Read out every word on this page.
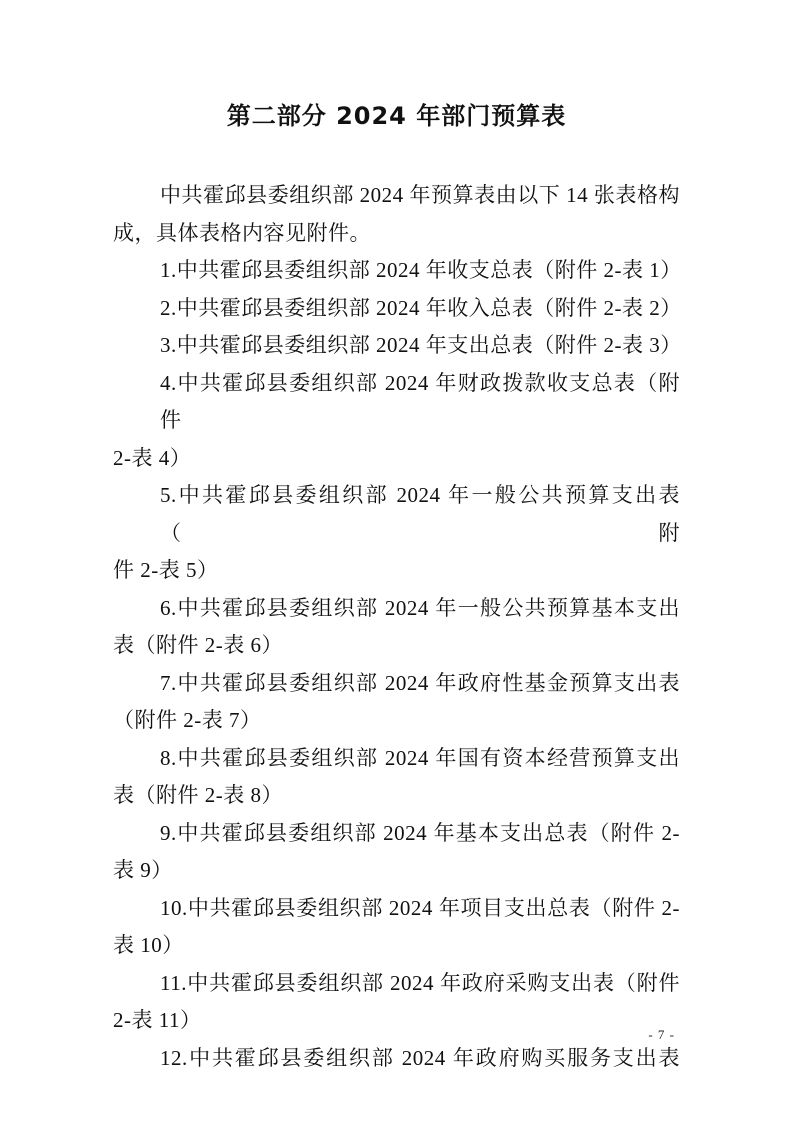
第二部分 2024 年部门预算表
中共霍邱县委组织部 2024 年预算表由以下 14 张表格构
成，具体表格内容见附件。
1.中共霍邱县委组织部 2024 年收支总表（附件 2-表 1）
2.中共霍邱县委组织部 2024 年收入总表（附件 2-表 2）
3.中共霍邱县委组织部 2024 年支出总表（附件 2-表 3）
4.中共霍邱县委组织部 2024 年财政拨款收支总表（附件
2-表 4）
5.中共霍邱县委组织部 2024 年一般公共预算支出表（附
件 2-表 5）
6.中共霍邱县委组织部 2024 年一般公共预算基本支出
表（附件 2-表 6）
7.中共霍邱县委组织部 2024 年政府性基金预算支出表
（附件 2-表 7）
8.中共霍邱县委组织部 2024 年国有资本经营预算支出
表（附件 2-表 8）
9.中共霍邱县委组织部 2024 年基本支出总表（附件 2-
表 9）
10.中共霍邱县委组织部 2024 年项目支出总表（附件 2-
表 10）
11.中共霍邱县委组织部 2024 年政府采购支出表（附件
2-表 11）
12.中共霍邱县委组织部 2024 年政府购买服务支出表
- 7 -
